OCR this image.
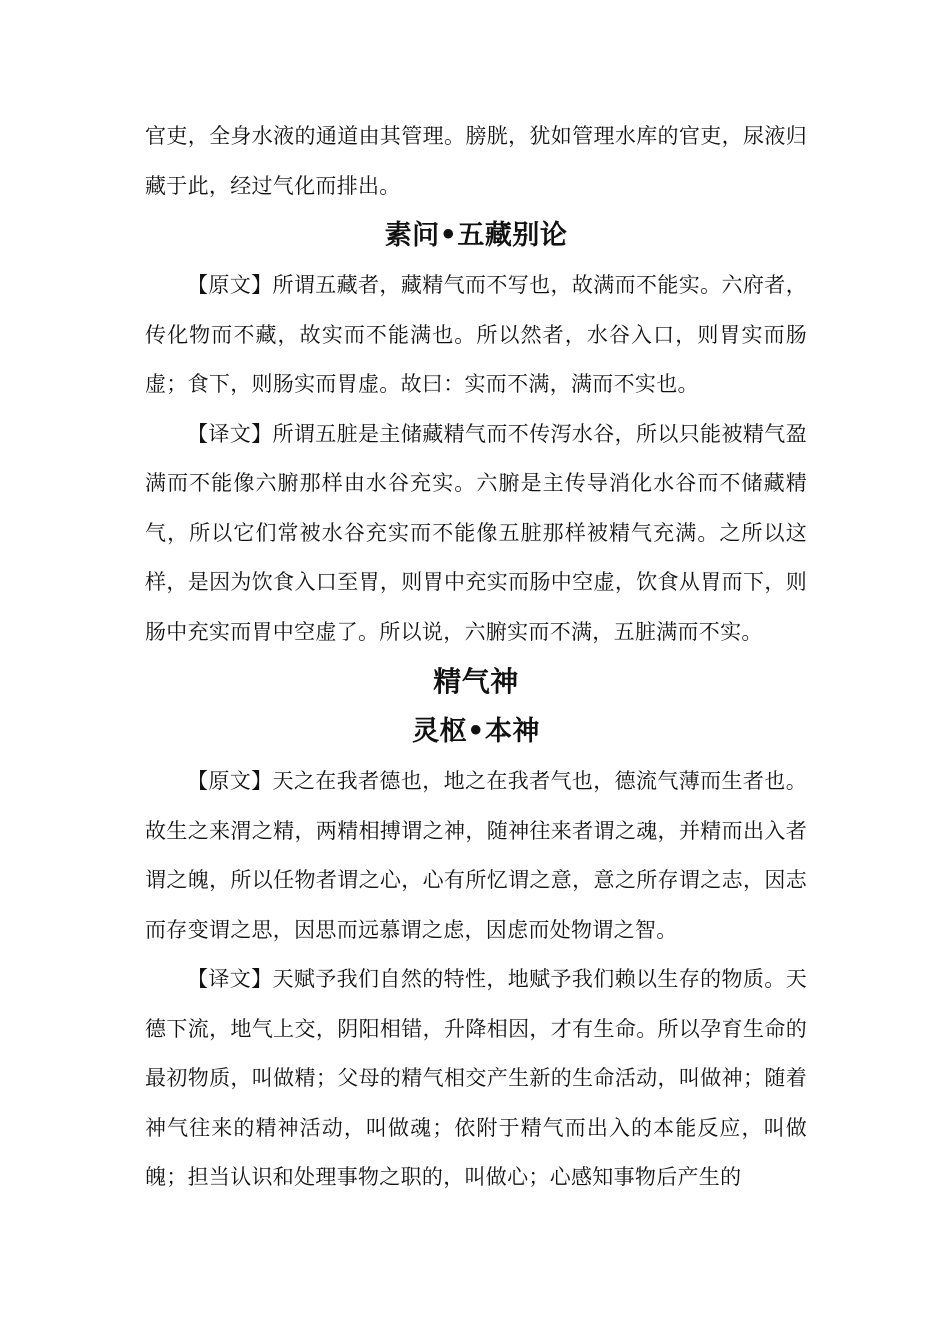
官吏，全身水液的通道由其管理。膀胱，犹如管理水库的官吏，尿液归藏于此，经过气化而排出。

素问•五藏别论

【原文】所谓五藏者，藏精气而不写也，故满而不能实。六府者，传化物而不藏，故实而不能满也。所以然者，水谷入口，则胃实而肠虚；食下，则肠实而胃虚。故曰：实而不满，满而不实也。

【译文】所谓五脏是主储藏精气而不传泻水谷，所以只能被精气盈满而不能像六腑那样由水谷充实。六腑是主传导消化水谷而不储藏精气，所以它们常被水谷充实而不能像五脏那样被精气充满。之所以这样，是因为饮食入口至胃，则胃中充实而肠中空虚，饮食从胃而下，则肠中充实而胃中空虚了。所以说，六腑实而不满，五脏满而不实。

精气神
灵枢•本神

【原文】天之在我者德也，地之在我者气也，德流气薄而生者也。故生之来渭之精，两精相搏谓之神，随神往来者谓之魂，并精而出入者谓之魄，所以任物者谓之心，心有所忆谓之意，意之所存谓之志，因志而存变谓之思，因思而远慕谓之虑，因虑而处物谓之智。

【译文】天赋予我们自然的特性，地赋予我们赖以生存的物质。天德下流，地气上交，阴阳相错，升降相因，才有生命。所以孕育生命的最初物质，叫做精；父母的精气相交产生新的生命活动，叫做神；随着神气往来的精神活动，叫做魂；依附于精气而出入的本能反应，叫做魄；担当认识和处理事物之职的，叫做心；心感知事物后产生的
